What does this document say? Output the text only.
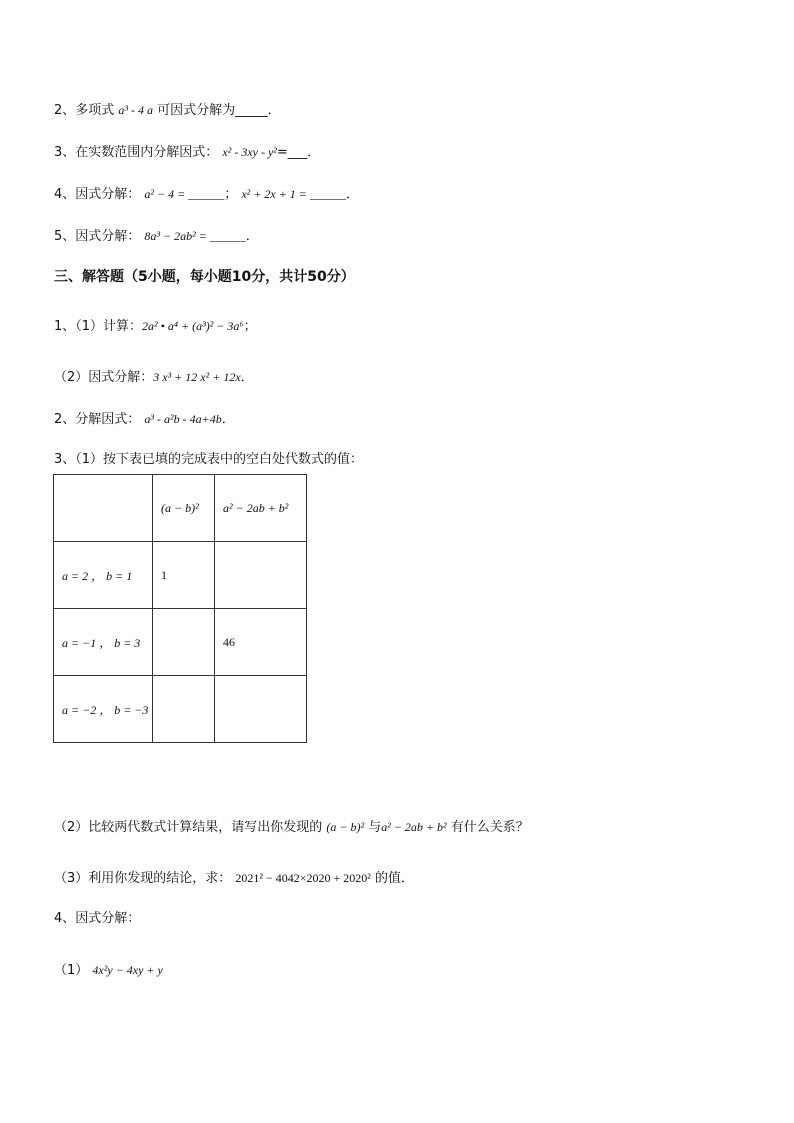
2、多项式 a³ - 4 a 可因式分解为_____．
3、在实数范围内分解因式： x² - 3xy - y²=___．
4、因式分解： a² − 4 = ______； x² + 2x + 1 = ______．
5、因式分解： 8a³ − 2ab² = ______．
三、解答题（5小题，每小题10分，共计50分）
1、（1）计算：2a² • a⁴ + (a³)² − 3a⁶；
（2）因式分解：3 x³ + 12 x² + 12x．
2、分解因式： a³ - a²b - 4a+4b．
3、（1）按下表已填的完成表中的空白处代数式的值：
	(a − b)²	a² − 2ab + b²
a = 2 ， b = 1	1	
a = −1 ， b = 3		46
a = −2 ， b = −3		
（2）比较两代数式计算结果，请写出你发现的 (a − b)² 与a² − 2ab + b² 有什么关系？
（3）利用你发现的结论，求： 2021² − 4042×2020 + 2020² 的值．
4、因式分解：
（1） 4x²y − 4xy + y
